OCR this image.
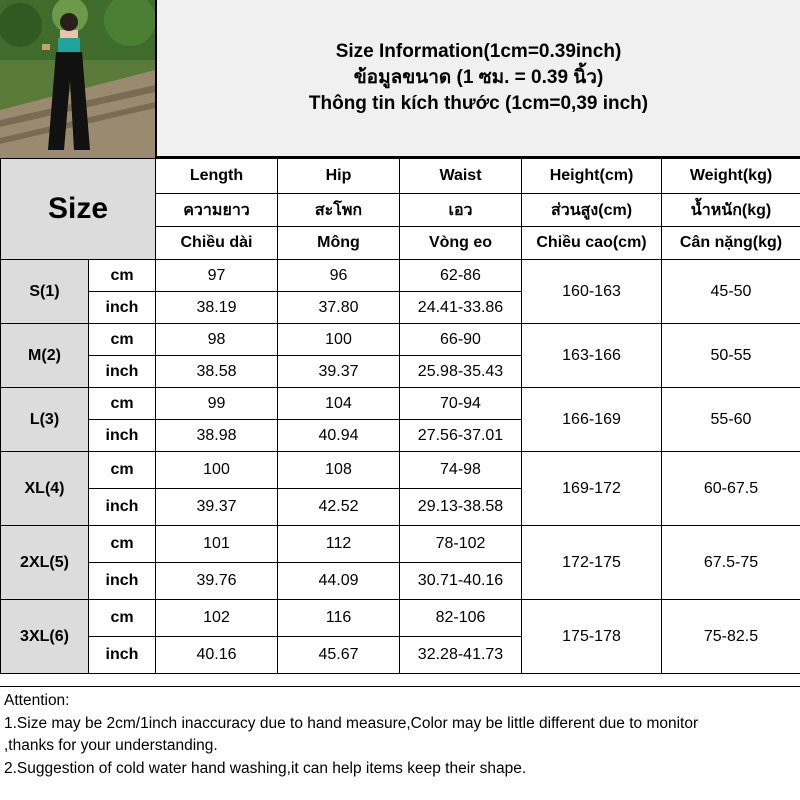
Size Information(1cm=0.39inch)
ข้อมูลขนาด (1 ซม. = 0.39 นิ้ว)
Thông tin kích thước (1cm=0,39 inch)
Size		Length	Hip	Waist	Height(cm)	Weight(kg)
		ความยาว	สะโพก	เอว	ส่วนสูง(cm)	น้ำหนัก(kg)
		Chiều dài	Mông	Vòng eo	Chiều cao(cm)	Cân nặng(kg)
S(1)	cm	97	96	62-86	160-163	45-50
	inch	38.19	37.80	24.41-33.86		
M(2)	cm	98	100	66-90	163-166	50-55
	inch	38.58	39.37	25.98-35.43		
L(3)	cm	99	104	70-94	166-169	55-60
	inch	38.98	40.94	27.56-37.01		
XL(4)	cm	100	108	74-98	169-172	60-67.5
	inch	39.37	42.52	29.13-38.58		
2XL(5)	cm	101	112	78-102	172-175	67.5-75
	inch	39.76	44.09	30.71-40.16		
3XL(6)	cm	102	116	82-106	175-178	75-82.5
	inch	40.16	45.67	32.28-41.73		
Attention:
1.Size may be 2cm/1inch inaccuracy due to hand measure,Color may be little different due to monitor
,thanks for your understanding.
2.Suggestion of cold water hand washing,it can help items keep their shape.
